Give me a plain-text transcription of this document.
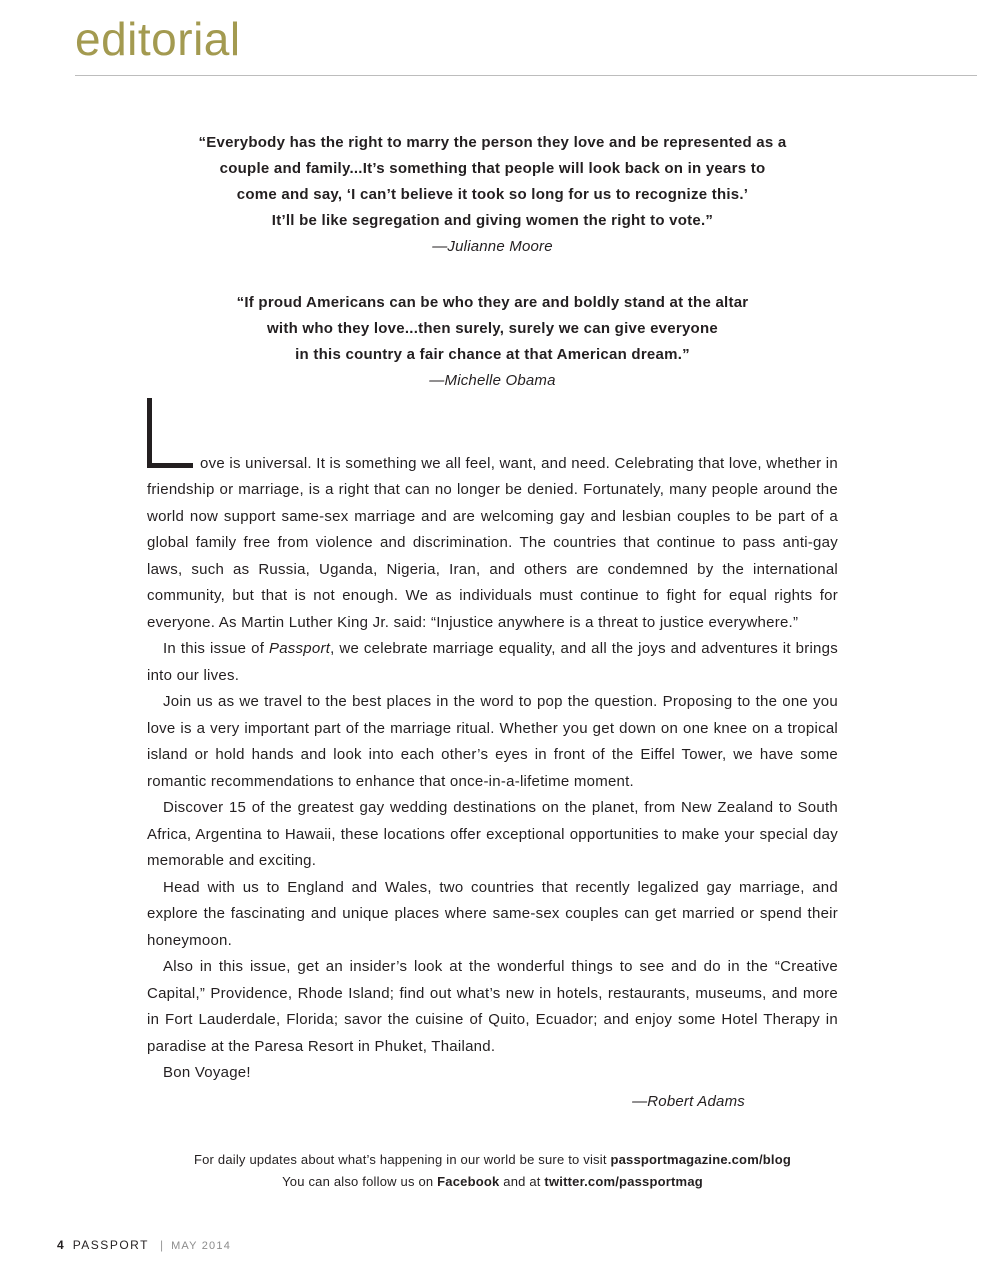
editorial
“Everybody has the right to marry the person they love and be represented as a
couple and family...It’s something that people will look back on in years to
come and say, ‘I can’t believe it took so long for us to recognize this.’
It’ll be like segregation and giving women the right to vote.”
—Julianne Moore
“If proud Americans can be who they are and boldly stand at the altar
with who they love...then surely, surely we can give everyone
in this country a fair chance at that American dream.”
—Michelle Obama

ove is universal. It is something we all feel, want, and need. Celebrating that love, whether in friendship or marriage, is a right that can no longer be denied. Fortunately, many people around the world now support same-sex marriage and are welcoming gay and lesbian couples to be part of a global family free from violence and discrimination. The countries that continue to pass anti-gay laws, such as Russia, Uganda, Nigeria, Iran, and others are condemned by the international community, but that is not enough. We as individuals must continue to fight for equal rights for everyone. As Martin Luther King Jr. said: “Injustice anywhere is a threat to justice everywhere.”

In this issue of Passport, we celebrate marriage equality, and all the joys and adventures it brings into our lives.

Join us as we travel to the best places in the word to pop the question. Proposing to the one you love is a very important part of the marriage ritual. Whether you get down on one knee on a tropical island or hold hands and look into each other’s eyes in front of the Eiffel Tower, we have some romantic recommendations to enhance that once-in-a-lifetime moment.

Discover 15 of the greatest gay wedding destinations on the planet, from New Zealand to South Africa, Argentina to Hawaii, these locations offer exceptional opportunities to make your special day memorable and exciting.

Head with us to England and Wales, two countries that recently legalized gay marriage, and explore the fascinating and unique places where same-sex couples can get married or spend their honeymoon.

Also in this issue, get an insider’s look at the wonderful things to see and do in the “Creative Capital,” Providence, Rhode Island; find out what’s new in hotels, restaurants, museums, and more in Fort Lauderdale, Florida; savor the cuisine of Quito, Ecuador; and enjoy some Hotel Therapy in paradise at the Paresa Resort in Phuket, Thailand.

Bon Voyage!

—Robert Adams

For daily updates about what’s happening in our world be sure to visit passportmagazine.com/blog
You can also follow us on Facebook and at twitter.com/passportmag
4 PASSPORT | MAY 2014
